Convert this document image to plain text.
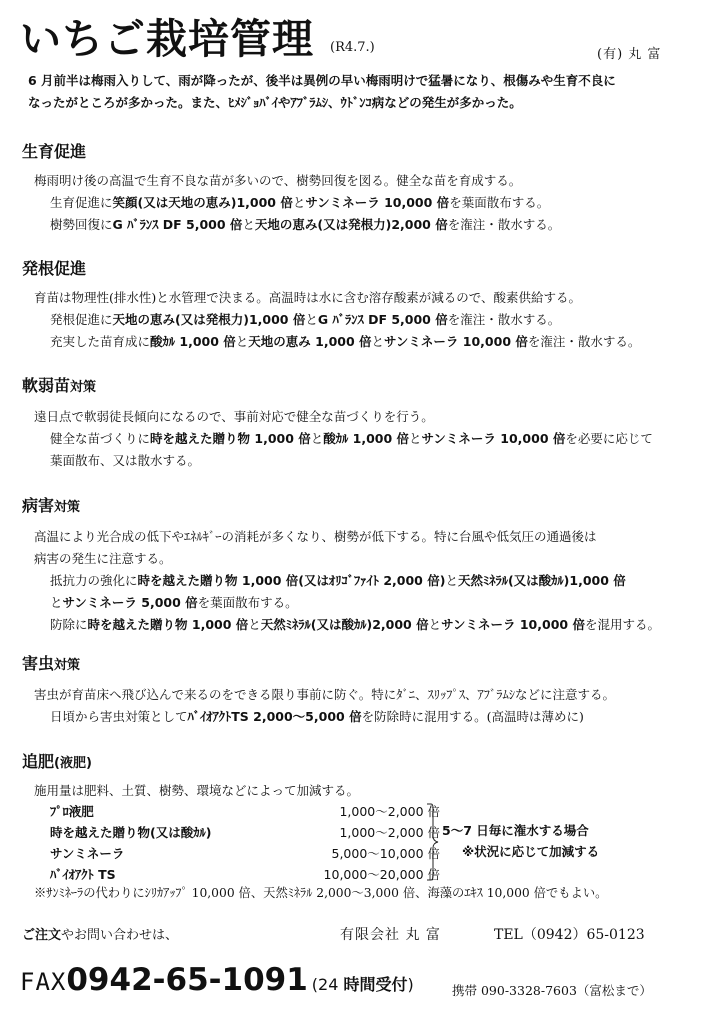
いちご栽培管理 (R4.7.)	(有) 丸 富
6 月前半は梅雨入りして、雨が降ったが、後半は異例の早い梅雨明けで猛暑になり、根傷みや生育不良に
なったがところが多かった。また、ﾋﾒｼﾞｮﾊﾞｲやｱﾌﾞﾗﾑｼ、ｳﾄﾞﾝｺ病などの発生が多かった。
生育促進
梅雨明け後の高温で生育不良な苗が多いので、樹勢回復を図る。健全な苗を育成する。
生育促進に笑顔(又は天地の恵み)1,000 倍とサンミネーラ 10,000 倍を葉面散布する。
樹勢回復にG ﾊﾞﾗﾝｽ DF 5,000 倍と天地の恵み(又は発根力)2,000 倍を潅注・散水する。
発根促進
育苗は物理性(排水性)と水管理で決まる。高温時は水に含む溶存酸素が減るので、酸素供給する。
発根促進に天地の恵み(又は発根力)1,000 倍とG ﾊﾞﾗﾝｽ DF 5,000 倍を潅注・散水する。
充実した苗育成に酸ｶﾙ 1,000 倍と天地の恵み 1,000 倍とサンミネーラ 10,000 倍を潅注・散水する。
軟弱苗対策
遠日点で軟弱徒長傾向になるので、事前対応で健全な苗づくりを行う。
健全な苗づくりに時を越えた贈り物 1,000 倍と酸ｶﾙ 1,000 倍とサンミネーラ 10,000 倍を必要に応じて
葉面散布、又は散水する。
病害対策
高温により光合成の低下やｴﾈﾙｷﾞｰの消耗が多くなり、樹勢が低下する。特に台風や低気圧の通過後は
病害の発生に注意する。
抵抗力の強化に時を越えた贈り物 1,000 倍(又はｵﾘｺﾞﾌｧｲﾄ 2,000 倍)と天然ﾐﾈﾗﾙ(又は酸ｶﾙ)1,000 倍
とサンミネーラ 5,000 倍を葉面散布する。
防除に時を越えた贈り物 1,000 倍と天然ﾐﾈﾗﾙ(又は酸ｶﾙ)2,000 倍とサンミネーラ 10,000 倍を混用する。
害虫対策
害虫が育苗床へ飛び込んで来るのをできる限り事前に防ぐ。特にﾀﾞﾆ、ｽﾘｯﾌﾟｽ、ｱﾌﾞﾗﾑｼなどに注意する。
日頃から害虫対策としてﾊﾞｲｵｱｸﾄTS 2,000～5,000 倍を防除時に混用する。(高温時は薄めに)
追肥(液肥)
施用量は肥料、土質、樹勢、環境などによって加減する。
ﾌﾟﾛ液肥	1,000～2,000 倍
時を越えた贈り物(又は酸ｶﾙ)	1,000～2,000 倍
サンミネーラ	5,000～10,000 倍
ﾊﾞｲｵｱｸﾄ TS	10,000～20,000 倍
5～7 日毎に潅水する場合
※状況に応じて加減する
※ｻﾝﾐﾈｰﾗの代わりにｼﾘｶｱｯﾌﾟ 10,000 倍、天然ﾐﾈﾗﾙ 2,000～3,000 倍、海藻のｴｷｽ 10,000 倍でもよい。
ご注文やお問い合わせは、	有限会社 丸 富	TEL（0942）65-0123
FAX0942-65-1091 (24 時間受付)	携帯 090-3328-7603（富松まで）
